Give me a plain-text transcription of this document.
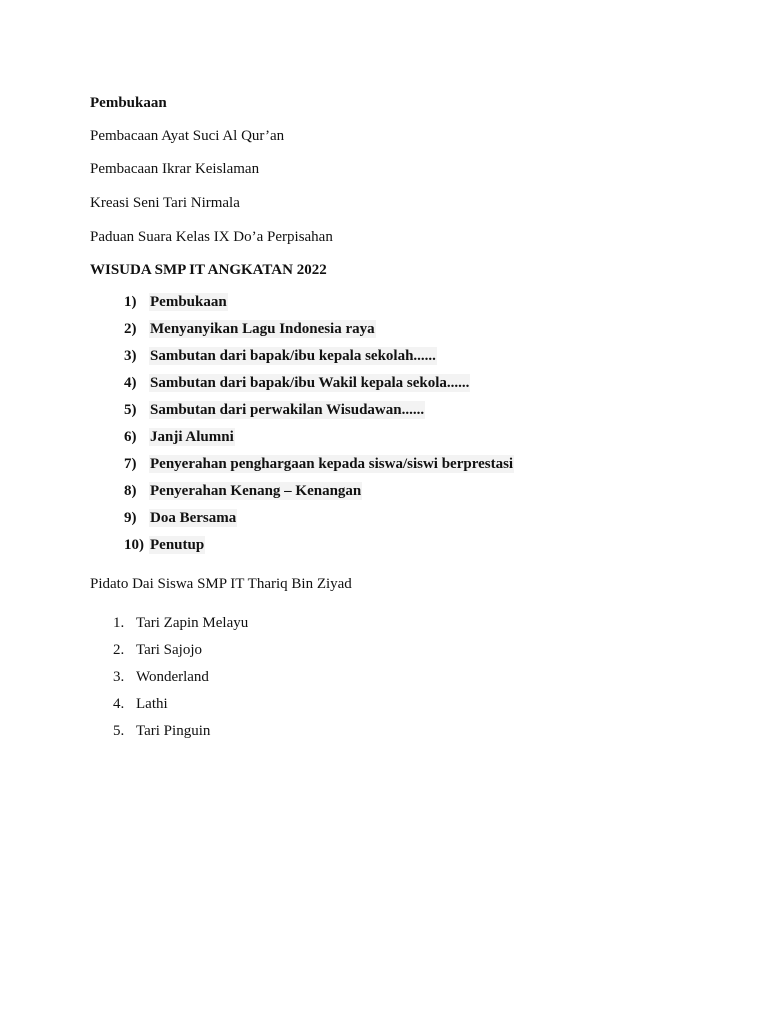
Pembukaan
Pembacaan Ayat Suci Al Qur’an
Pembacaan Ikrar Keislaman
Kreasi Seni Tari Nirmala
Paduan Suara Kelas IX Do’a Perpisahan
WISUDA SMP IT ANGKATAN 2022
1) Pembukaan
2) Menyanyikan Lagu Indonesia raya
3) Sambutan dari bapak/ibu kepala sekolah......
4) Sambutan dari bapak/ibu Wakil kepala sekola......
5) Sambutan dari perwakilan Wisudawan......
6) Janji Alumni
7) Penyerahan penghargaan kepada siswa/siswi berprestasi
8) Penyerahan Kenang – Kenangan
9) Doa Bersama
10) Penutup
Pidato Dai Siswa SMP IT Thariq Bin Ziyad
1. Tari Zapin Melayu
2. Tari Sajojo
3. Wonderland
4. Lathi
5. Tari Pinguin
